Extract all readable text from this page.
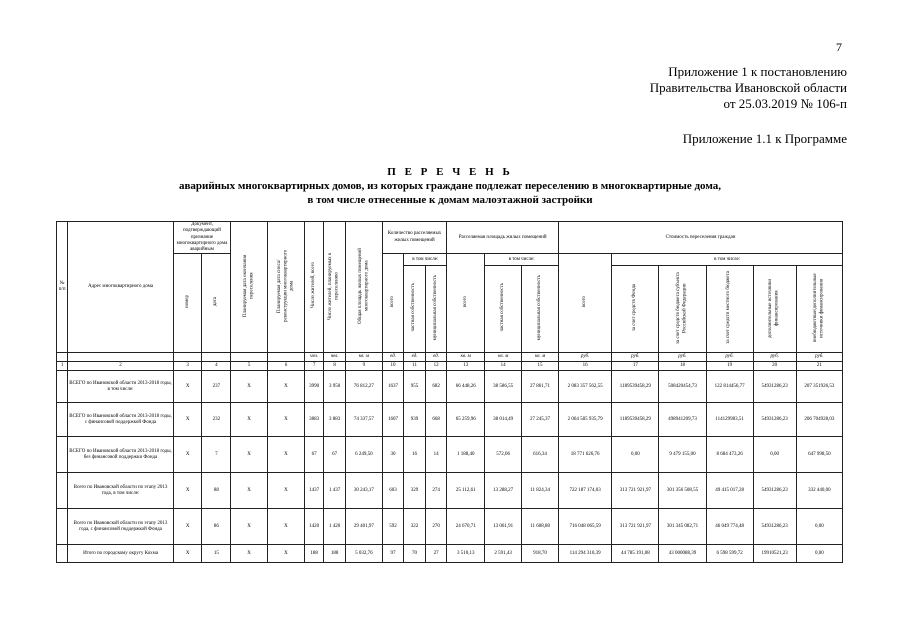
7
Приложение 1 к постановлению
Правительства Ивановской области
от 25.03.2019 № 106-п
Приложение 1.1 к Программе
П Е Р Е Ч Е Н Ь
аварийных многоквартирных домов, из которых граждане подлежат переселению в многоквартирные дома,
в том числе отнесенные к домам малоэтажной застройки
№ п/п	Адрес многоквартирного дома	Документ, подтверждающий признание многоквартирного дома аварийным		Планируемая дата окончания переселения	Планируемая дата сноса/реконструкции многоквартирного дома	Число жителей, всего	Число жителей, планируемых к переселению	Общая площадь жилых помещений многоквартирного дома	Количество расселяемых жилых помещений			Расселяемая площадь жилых помещений			Стоимость переселения граждан					
		номер	дата						всего	в том числе:		всего	в том числе:		всего	в том числе:				
										частная собственность	муниципальная собственность		частная собственность	муниципальная собственность		за счет средств Фонда	за счет средств бюджета субъекта Российской Федерации	за счет средств местного бюджета	дополнительные источники финансирования	внебюджетные/дополнительные источники финансирования
						чел.	чел.	кв. м	ед.	ед.	ед.	кв. м	кв. м	кв. м	руб.	руб.	руб.	руб.	руб.	руб.
1	2	3	4	5	6	7	8	9	10	11	12	13	14	15	16	17	18	19	20	21
	ВСЕГО по Ивановской области 2013-2018 годы, в том числе:	X	237	X	X	3990	3 950	76 812,27	1637	955	682	66 448,26	38 586,55	27 861,71	2 083 357 562,55	1189539458,29	508420454,73	122 814456,77	54931286,23	207 351926,53
	ВСЕГО по Ивановской области 2013-2018 годы, с финансовой поддержкой Фонда	X	232	X	X	3883	3 883	74 337,57	1607	939	668	65 259,96	38 014,49	27 245,37	2 064 585 935,79	1189539458,29	498941209,73	114129983,51	54931286,23	206 704928,03
	ВСЕГО по Ивановской области 2013-2018 годы, без финансовой поддержки Фонда	X	7	X	X	67	67	6 249,50	30	16	14	1 188,40	572,06	616,34	18 771 626,76	0,00	9 479 155,00	8 684 473,26	0,00	647 998,50
	Всего по Ивановской области по этапу 2013 года, в том числе:	X	88	X	X	1437	1 437	30 243,17	603	329	274	25 112,61	13 288,27	11 824,34	722 187 174,03	313 721 921,97	301 356 508,55	49 415 017,28	54931286,23	332 440,00
	Всего по Ивановской области по этапу 2013 года, с финансовой поддержкой Фонда	X	86	X	X	1420	1 420	29 401,97	592	322	270	24 670,71	13 061,91	11 608,80	716 048 065,59	313 721 921,97	301 345 082,71	46 049 774,48	54931286,23	0,00
	Итого по городскому округу Кохма	X	15	X	X	188	188	5 032,76	97	70	27	3 510,13	2 591,43	918,70	114 294 310,39	44 785 191,08	43 000088,39	6 598 599,72	19910521,23	0,00
